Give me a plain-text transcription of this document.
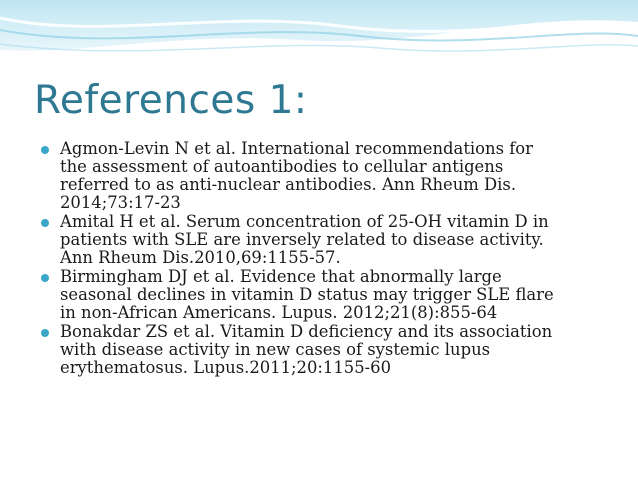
References 1:
Agmon-Levin N et al. International recommendations for
the assessment of autoantibodies to cellular antigens
referred to as anti-nuclear antibodies. Ann Rheum Dis.
2014;73:17-23
Amital H et al. Serum concentration of 25-OH vitamin D in
patients with SLE are inversely related to disease activity.
Ann Rheum Dis.2010,69:1155-57.
Birmingham DJ et al. Evidence that abnormally large
seasonal declines in vitamin D status may trigger SLE flare
in non-African Americans. Lupus. 2012;21(8):855-64
Bonakdar ZS et al. Vitamin D deficiency and its association
with disease activity in new cases of systemic lupus
erythematosus. Lupus.2011;20:1155-60
